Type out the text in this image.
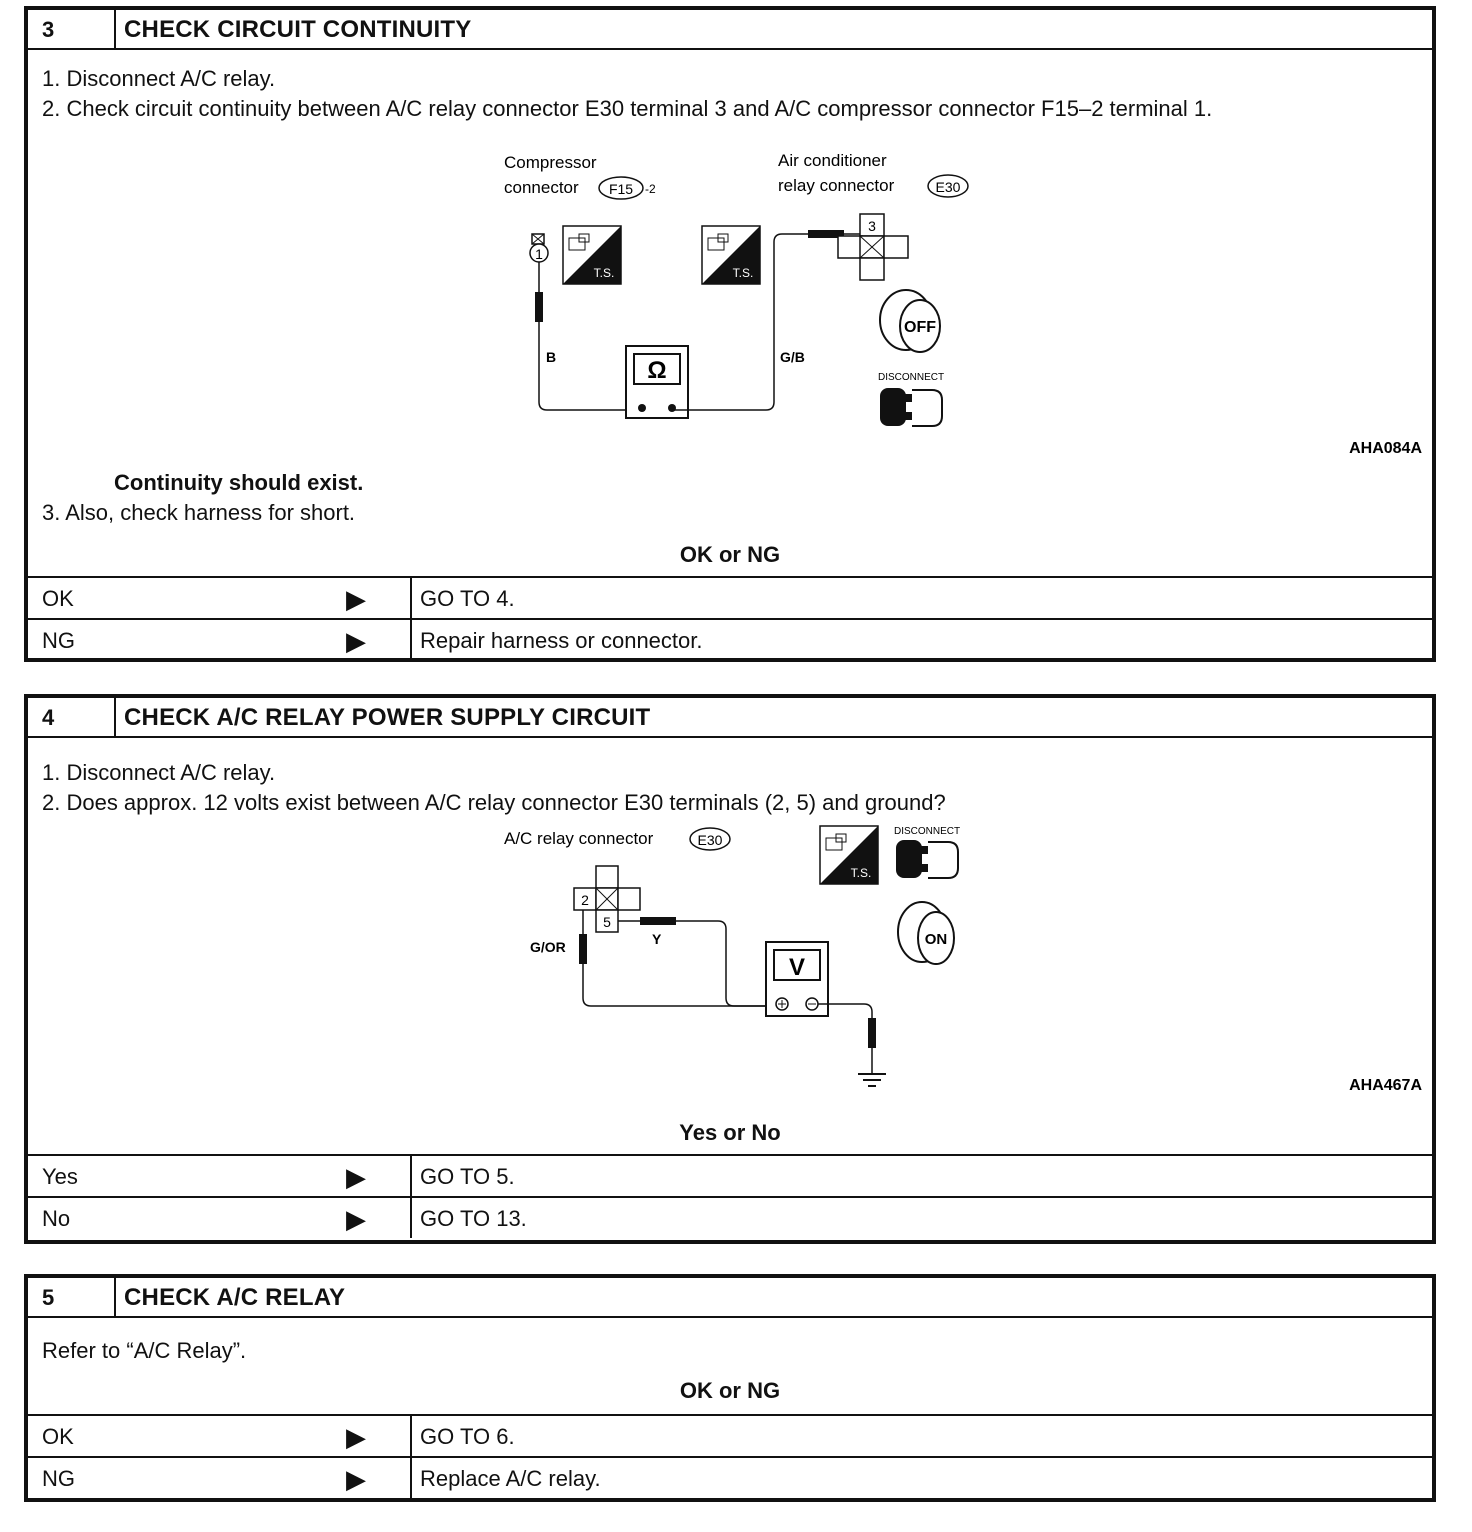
3	CHECK CIRCUIT CONTINUITY
1. Disconnect A/C relay.
2. Check circuit continuity between A/C relay connector E30 terminal 3 and A/C compressor connector F15–2 terminal 1.
Compressor
connector F15 -2
Air conditioner
relay connector	E30
1
B
T.S.	T.S.
Ω	G/B
3
OFF
DISCONNECT
AHA084A
Continuity should exist.
3. Also, check harness for short.
OK or NG
OK	▶ GO TO 4.
NG	▶ Repair harness or connector.
4	CHECK A/C RELAY POWER SUPPLY CIRCUIT
1. Disconnect A/C relay.
2. Does approx. 12 volts exist between A/C relay connector E30 terminals (2, 5) and ground?
A/C relay connector	E30
2
5
G/OR	Y
V
T.S.
DISCONNECT
ON
AHA467A
Yes or No
Yes	▶ GO TO 5.
No	▶ GO TO 13.
5	CHECK A/C RELAY
Refer to “A/C Relay”.
OK or NG
OK	▶ GO TO 6.
NG	▶ Replace A/C relay.
